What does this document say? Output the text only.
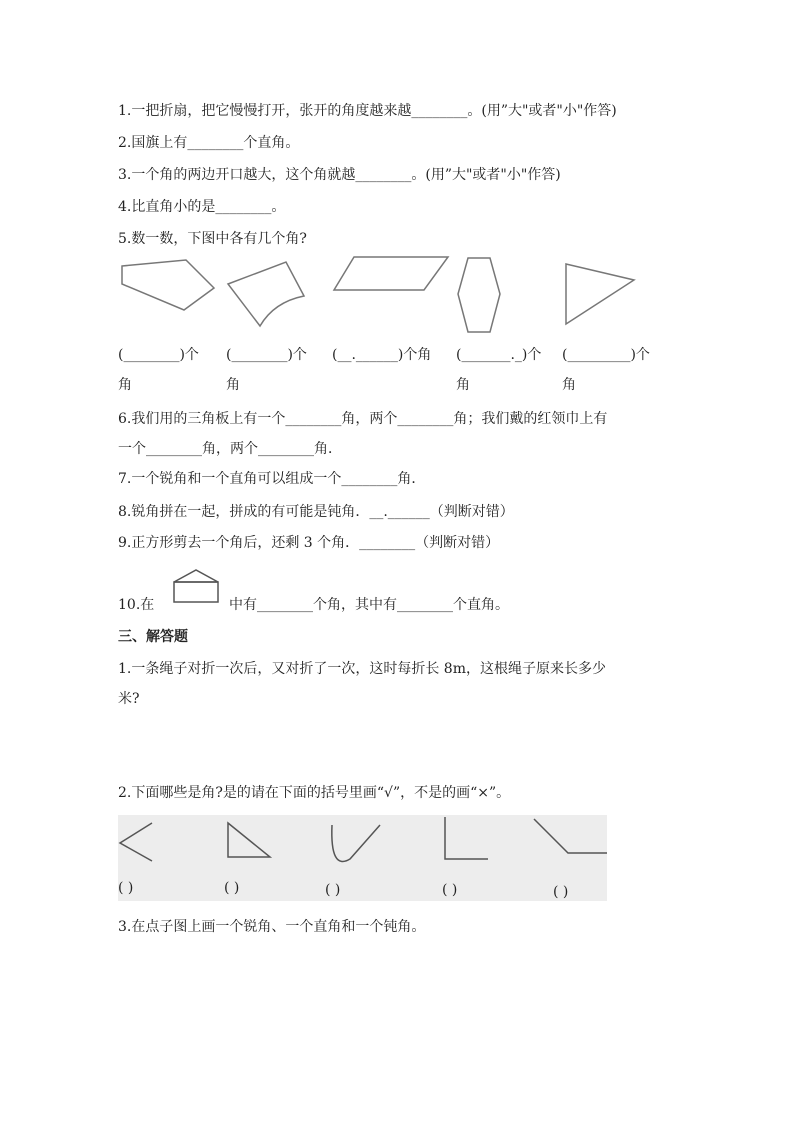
1.一把折扇，把它慢慢打开，张开的角度越来越________。(用”大"或者"小"作答)
2.国旗上有________个直角。
3.一个角的两边开口越大，这个角就越________。(用”大"或者"小"作答)
4.比直角小的是________。
5.数一数，下图中各有几个角?
(________)个 (________)个 (__.______)个角 (_______._)个 (_________)个
角	角	角	角
6.我们用的三角板上有一个________角，两个________角；我们戴的红领巾上有
一个________角，两个________角．
7.一个锐角和一个直角可以组成一个________角．
8.锐角拼在一起，拼成的有可能是钝角．__.______（判断对错）
9.正方形剪去一个角后，还剩 3 个角．________（判断对错）
10.在	中有________个角，其中有________个直角。
三、解答题
1.一条绳子对折一次后，又对折了一次，这时每折长 8m，这根绳子原来长多少
米?
2.下面哪些是角?是的请在下面的括号里画“√”，不是的画“×”。
( )	( )	( )	( )	( )
3.在点子图上画一个锐角、一个直角和一个钝角。
